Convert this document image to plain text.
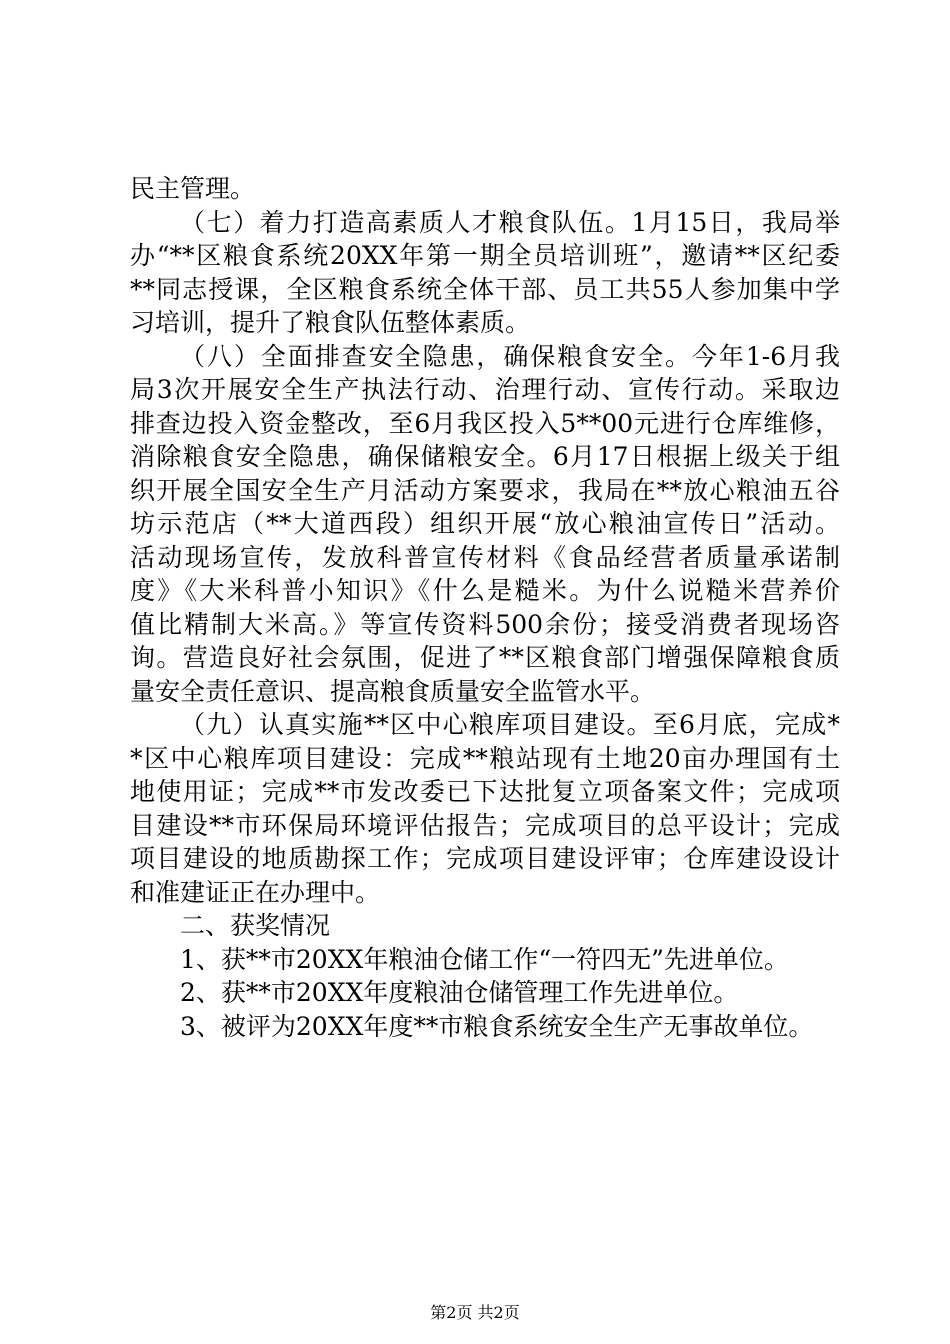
民主管理。
（七）着力打造高素质人才粮食队伍。1月15日，我局举
办“**区粮食系统20XX年第一期全员培训班”，邀请**区纪委
**同志授课，全区粮食系统全体干部、员工共55人参加集中学
习培训，提升了粮食队伍整体素质。
（八）全面排查安全隐患，确保粮食安全。今年1-6月我
局3次开展安全生产执法行动、治理行动、宣传行动。采取边
排查边投入资金整改，至6月我区投入5**00元进行仓库维修，
消除粮食安全隐患，确保储粮安全。6月17日根据上级关于组
织开展全国安全生产月活动方案要求，我局在**放心粮油五谷
坊示范店（**大道西段）组织开展“放心粮油宣传日”活动。
活动现场宣传，发放科普宣传材料《食品经营者质量承诺制
度》《大米科普小知识》《什么是糙米。为什么说糙米营养价
值比精制大米高。》等宣传资料500余份；接受消费者现场咨
询。营造良好社会氛围，促进了**区粮食部门增强保障粮食质
量安全责任意识、提高粮食质量安全监管水平。
（九）认真实施**区中心粮库项目建设。至6月底，完成*
*区中心粮库项目建设：完成**粮站现有土地20亩办理国有土
地使用证；完成**市发改委已下达批复立项备案文件；完成项
目建设**市环保局环境评估报告；完成项目的总平设计；完成
项目建设的地质勘探工作；完成项目建设评审；仓库建设设计
和准建证正在办理中。
二、获奖情况
1、获**市20XX年粮油仓储工作“一符四无”先进单位。
2、获**市20XX年度粮油仓储管理工作先进单位。
3、被评为20XX年度**市粮食系统安全生产无事故单位。
第2页 共2页
